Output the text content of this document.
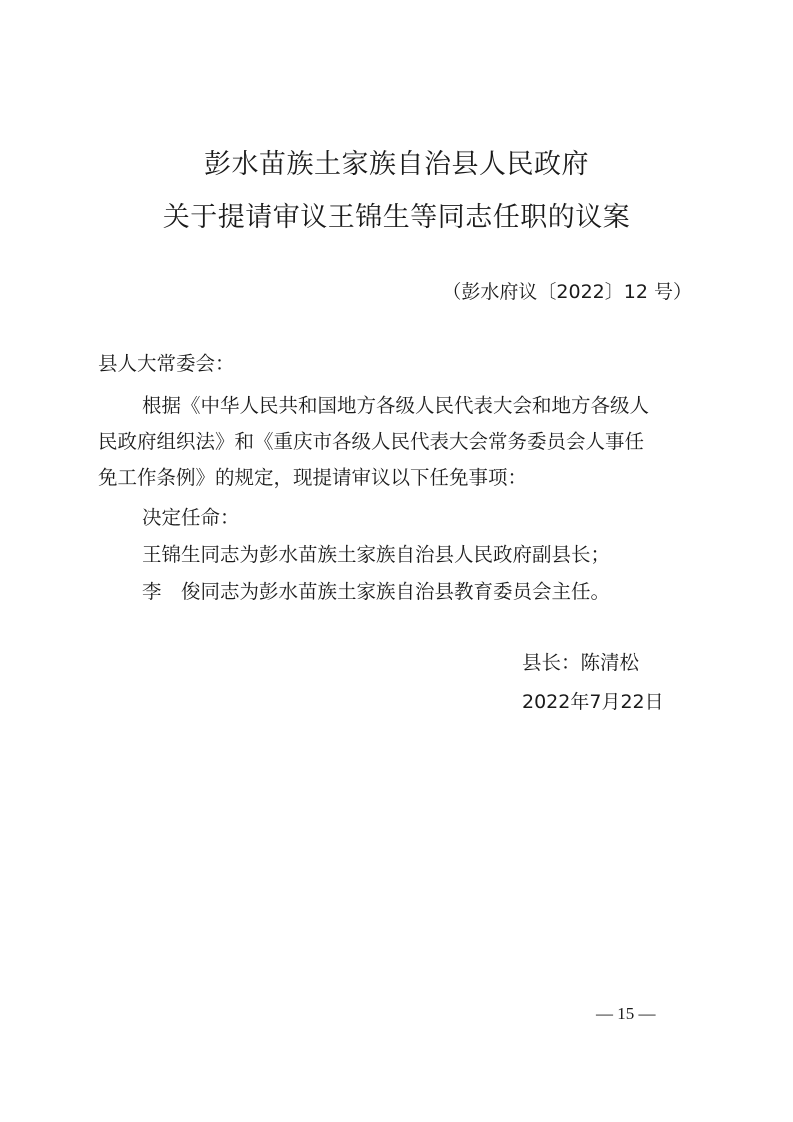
彭水苗族土家族自治县人民政府
关于提请审议王锦生等同志任职的议案
（彭水府议〔2022〕12 号）
县人大常委会：
根据《中华人民共和国地方各级人民代表大会和地方各级人
民政府组织法》和《重庆市各级人民代表大会常务委员会人事任
免工作条例》的规定，现提请审议以下任免事项：
决定任命：
王锦生同志为彭水苗族土家族自治县人民政府副县长；
李　俊同志为彭水苗族土家族自治县教育委员会主任。
县长：陈清松
2022年7月22日
— 15 —
